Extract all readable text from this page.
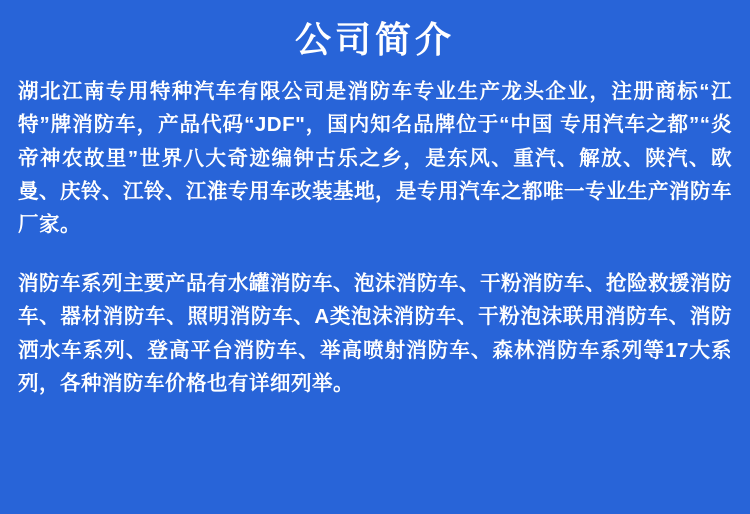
公司简介

湖北江南专用特种汽车有限公司是消防车专业生产龙头企业，注册商标“江特”牌消防车，产品代码“JDF"，国内知名品牌位于“中国 专用汽车之都”“炎帝神农故里”世界八大奇迹编钟古乐之乡，是东风、重汽、解放、陕汽、欧曼、庆铃、江铃、江淮专用车改装基地，是专用汽车之都唯一专业生产消防车厂家。

消防车系列主要产品有水罐消防车、泡沫消防车、干粉消防车、抢险救援消防车、器材消防车、照明消防车、A类泡沫消防车、干粉泡沫联用消防车、消防洒水车系列、登高平台消防车、举高喷射消防车、森林消防车系列等17大系列，各种消防车价格也有详细列举。
